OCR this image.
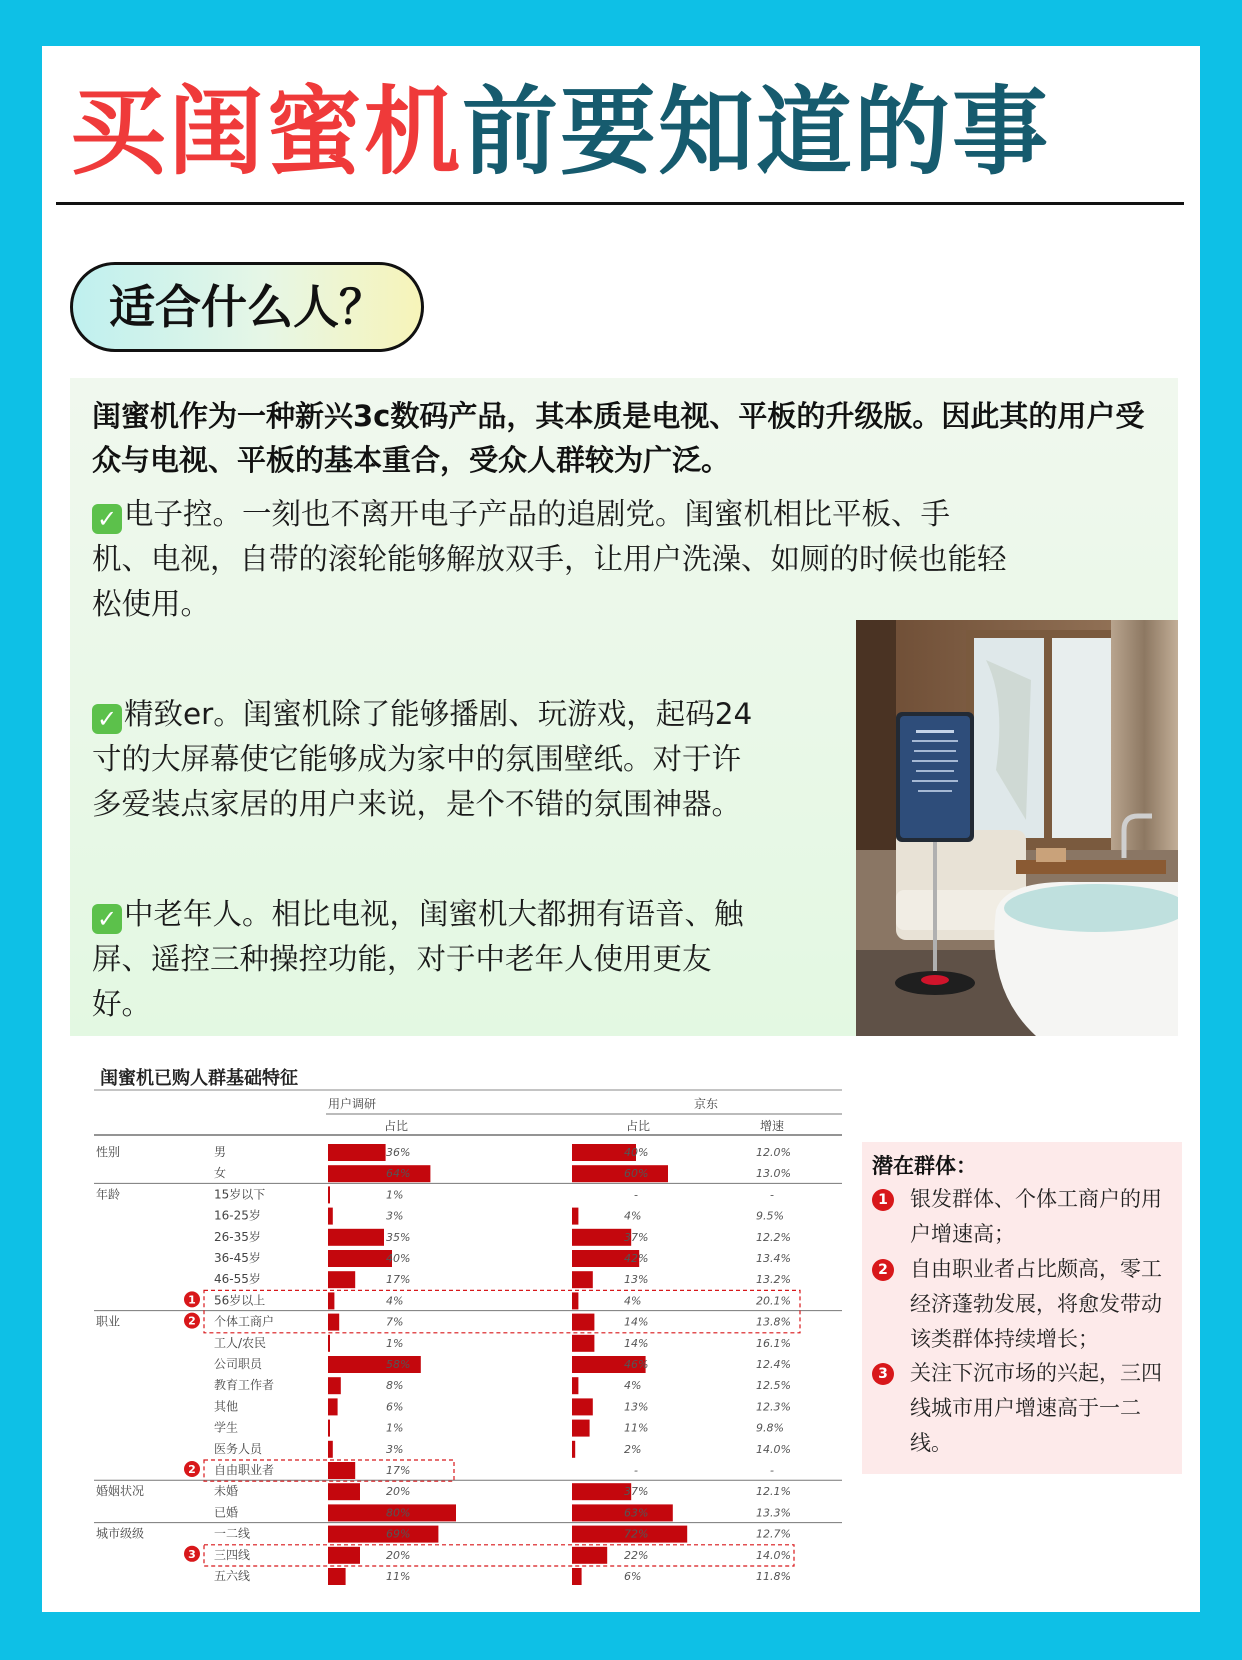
买闺蜜机前要知道的事
适合什么人？
闺蜜机作为一种新兴3c数码产品，其本质是电视、平板的升级版。因此其的用户受众与电视、平板的基本重合，受众人群较为广泛。
✓ 电子控。一刻也不离开电子产品的追剧党。闺蜜机相比平板、手
机、电视，自带的滚轮能够解放双手，让用户洗澡、如厕的时候也能轻
松使用。
✓ 精致er。闺蜜机除了能够播剧、玩游戏，起码24
寸的大屏幕使它能够成为家中的氛围壁纸。对于许
多爱装点家居的用户来说，是个不错的氛围神器。
✓ 中老年人。相比电视，闺蜜机大都拥有语音、触
屏、遥控三种操控功能，对于中老年人使用更友
好。
闺蜜机已购人群基础特征
用户调研	京东
占比	占比	增速
性别	男	36%	40%	12.0%
女	64%	60%	13.0%
年龄	15岁以下	1%	-	-
16-25岁	3%	4%	9.5%
26-35岁	35%	37%	12.2%
36-45岁	40%	42%	13.4%
46-55岁	17%	13%	13.2%
56岁以上	4%	4%	20.1%
1
职业	个体工商户	7%	14%	13.8%
2
工人/农民	1%	14%	16.1%
公司职员	58%	46%	12.4%
教育工作者	8%	4%	12.5%
其他	6%	13%	12.3%
学生	1%	11%	9.8%
医务人员	3%	2%	14.0%
自由职业者	17%	-	-
2
婚姻状况	未婚	20%	37%	12.1%
已婚	80%	63%	13.3%
城市级级	一二线	69%	72%	12.7%
三四线	20%	22%	14.0%
3
五六线	11%	6%	11.8%
潜在群体：
1 银发群体、个体工商户的用
户增速高；
2 自由职业者占比颇高，零工
经济蓬勃发展，将愈发带动
该类群体持续增长；
3 关注下沉市场的兴起，三四
线城市用户增速高于一二线。
